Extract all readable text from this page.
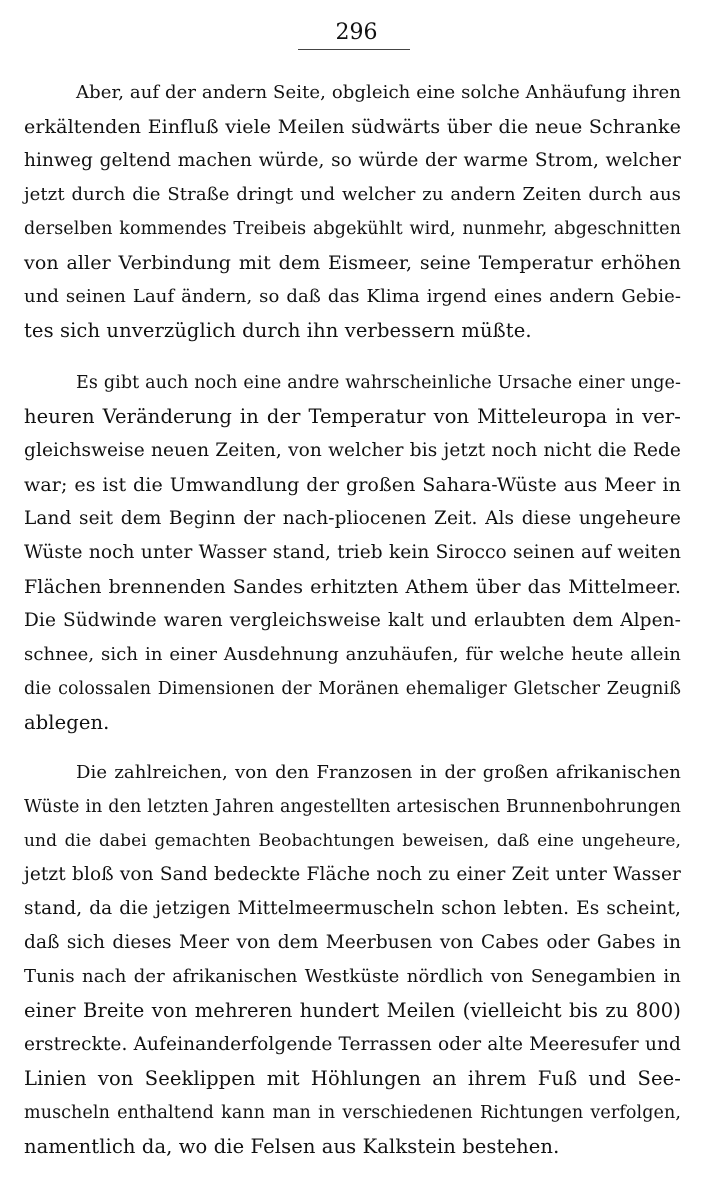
296

Aber, auf der andern Seite, obgleich eine solche Anhäufung ihren
erkältenden Einfluß viele Meilen südwärts über die neue Schranke
hinweg geltend machen würde, so würde der warme Strom, welcher
jetzt durch die Straße dringt und welcher zu andern Zeiten durch aus
derselben kommendes Treibeis abgekühlt wird, nunmehr, abgeschnitten
von aller Verbindung mit dem Eismeer, seine Temperatur erhöhen
und seinen Lauf ändern, so daß das Klima irgend eines andern Gebie-
tes sich unverzüglich durch ihn verbessern müßte.

Es gibt auch noch eine andre wahrscheinliche Ursache einer unge-
heuren Veränderung in der Temperatur von Mitteleuropa in ver-
gleichsweise neuen Zeiten, von welcher bis jetzt noch nicht die Rede
war; es ist die Umwandlung der großen Sahara-Wüste aus Meer in
Land seit dem Beginn der nach-pliocenen Zeit. Als diese ungeheure
Wüste noch unter Wasser stand, trieb kein Sirocco seinen auf weiten
Flächen brennenden Sandes erhitzten Athem über das Mittelmeer.
Die Südwinde waren vergleichsweise kalt und erlaubten dem Alpen-
schnee, sich in einer Ausdehnung anzuhäufen, für welche heute allein
die colossalen Dimensionen der Moränen ehemaliger Gletscher Zeugniß
ablegen.

Die zahlreichen, von den Franzosen in der großen afrikanischen
Wüste in den letzten Jahren angestellten artesischen Brunnenbohrungen
und die dabei gemachten Beobachtungen beweisen, daß eine ungeheure,
jetzt bloß von Sand bedeckte Fläche noch zu einer Zeit unter Wasser
stand, da die jetzigen Mittelmeermuscheln schon lebten. Es scheint,
daß sich dieses Meer von dem Meerbusen von Cabes oder Gabes in
Tunis nach der afrikanischen Westküste nördlich von Senegambien in
einer Breite von mehreren hundert Meilen (vielleicht bis zu 800)
erstreckte. Aufeinanderfolgende Terrassen oder alte Meeresufer und
Linien von Seeklippen mit Höhlungen an ihrem Fuß und See-
muscheln enthaltend kann man in verschiedenen Richtungen verfolgen,
namentlich da, wo die Felsen aus Kalkstein bestehen.
